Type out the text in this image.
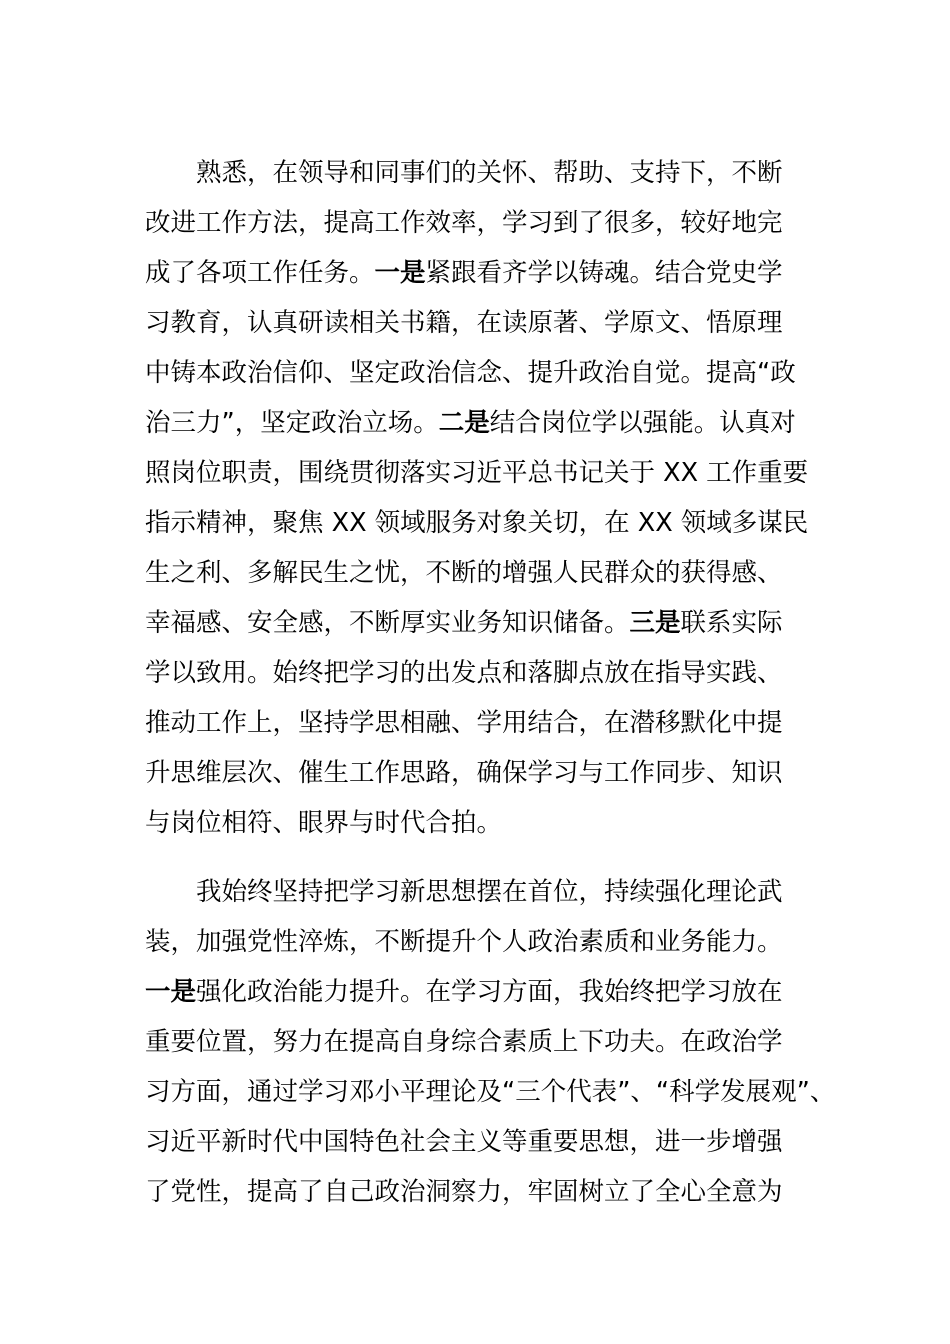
熟悉，在领导和同事们的关怀、帮助、支持下，不断
改进工作方法，提高工作效率，学习到了很多，较好地完
成了各项工作任务。一是紧跟看齐学以铸魂。结合党史学
习教育，认真研读相关书籍，在读原著、学原文、悟原理
中铸本政治信仰、坚定政治信念、提升政治自觉。提高“政
治三力”，坚定政治立场。二是结合岗位学以强能。认真对
照岗位职责，围绕贯彻落实习近平总书记关于 XX 工作重要
指示精神，聚焦 XX 领域服务对象关切，在 XX 领域多谋民
生之利、多解民生之忧，不断的增强人民群众的获得感、
幸福感、安全感，不断厚实业务知识储备。三是联系实际
学以致用。始终把学习的出发点和落脚点放在指导实践、
推动工作上，坚持学思相融、学用结合，在潜移默化中提
升思维层次、催生工作思路，确保学习与工作同步、知识
与岗位相符、眼界与时代合拍。
我始终坚持把学习新思想摆在首位，持续强化理论武
装，加强党性淬炼，不断提升个人政治素质和业务能力。
一是强化政治能力提升。在学习方面，我始终把学习放在
重要位置，努力在提高自身综合素质上下功夫。在政治学
习方面，通过学习邓小平理论及“三个代表”、“科学发展观”、
习近平新时代中国特色社会主义等重要思想，进一步增强
了党性，提高了自己政治洞察力，牢固树立了全心全意为
